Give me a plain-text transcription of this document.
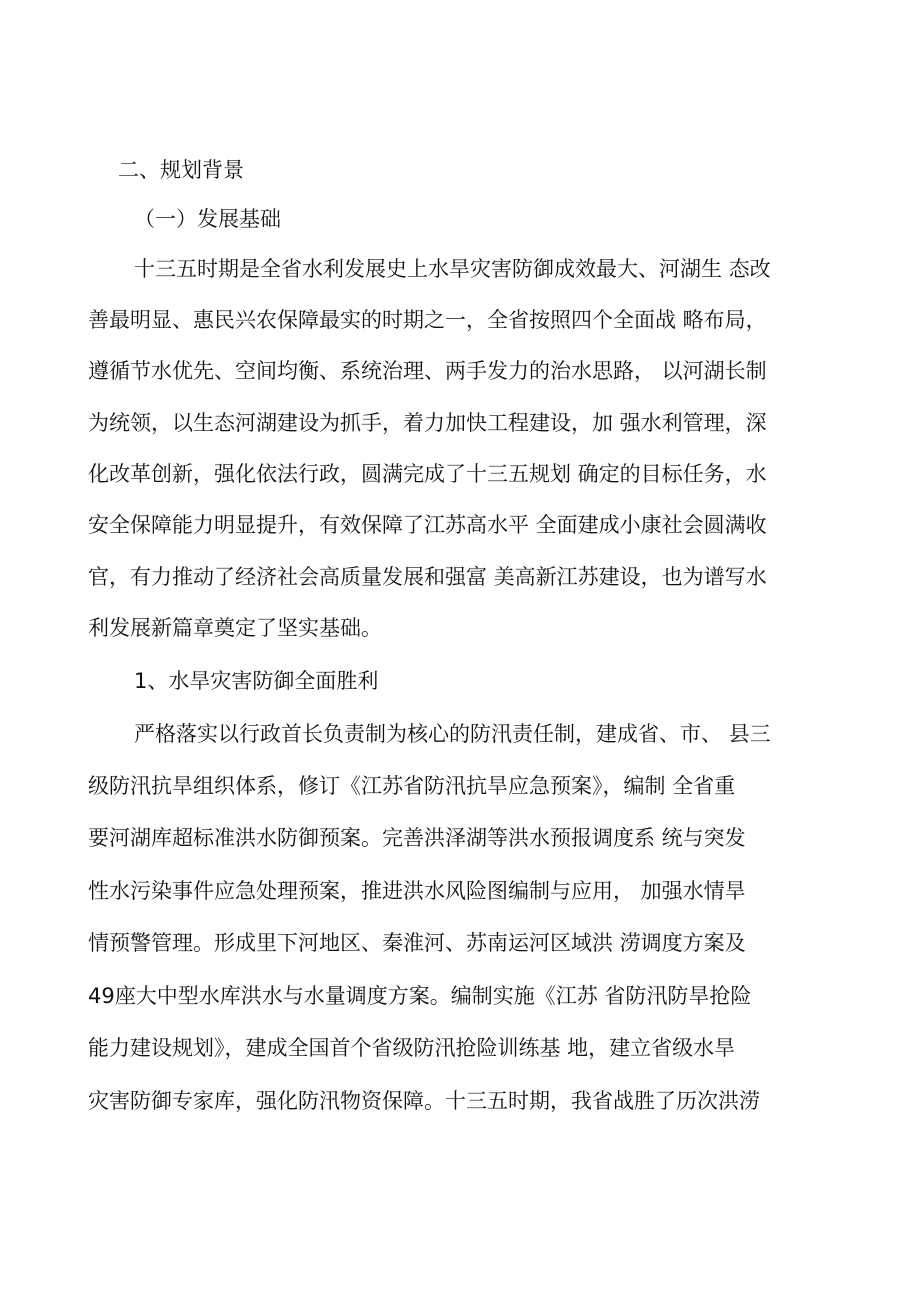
二、规划背景
（一）发展基础
十三五时期是全省水利发展史上水旱灾害防御成效最大、河湖生 态改
善最明显、惠民兴农保障最实的时期之一，全省按照四个全面战 略布局，
遵循节水优先、空间均衡、系统治理、两手发力的治水思路， 以河湖长制
为统领，以生态河湖建设为抓手，着力加快工程建设，加 强水利管理，深
化改革创新，强化依法行政，圆满完成了十三五规划 确定的目标任务，水
安全保障能力明显提升，有效保障了江苏高水平 全面建成小康社会圆满收
官，有力推动了经济社会高质量发展和强富 美高新江苏建设，也为谱写水
利发展新篇章奠定了坚实基础。
1、水旱灾害防御全面胜利
严格落实以行政首长负责制为核心的防汛责任制，建成省、市、 县三
级防汛抗旱组织体系，修订《江苏省防汛抗旱应急预案》，编制 全省重
要河湖库超标准洪水防御预案。完善洪泽湖等洪水预报调度系 统与突发
性水污染事件应急处理预案，推进洪水风险图编制与应用， 加强水情旱
情预警管理。形成里下河地区、秦淮河、苏南运河区域洪 涝调度方案及
49座大中型水库洪水与水量调度方案。编制实施《江苏 省防汛防旱抢险
能力建设规划》，建成全国首个省级防汛抢险训练基 地，建立省级水旱
灾害防御专家库，强化防汛物资保障。十三五时期，我省战胜了历次洪涝
